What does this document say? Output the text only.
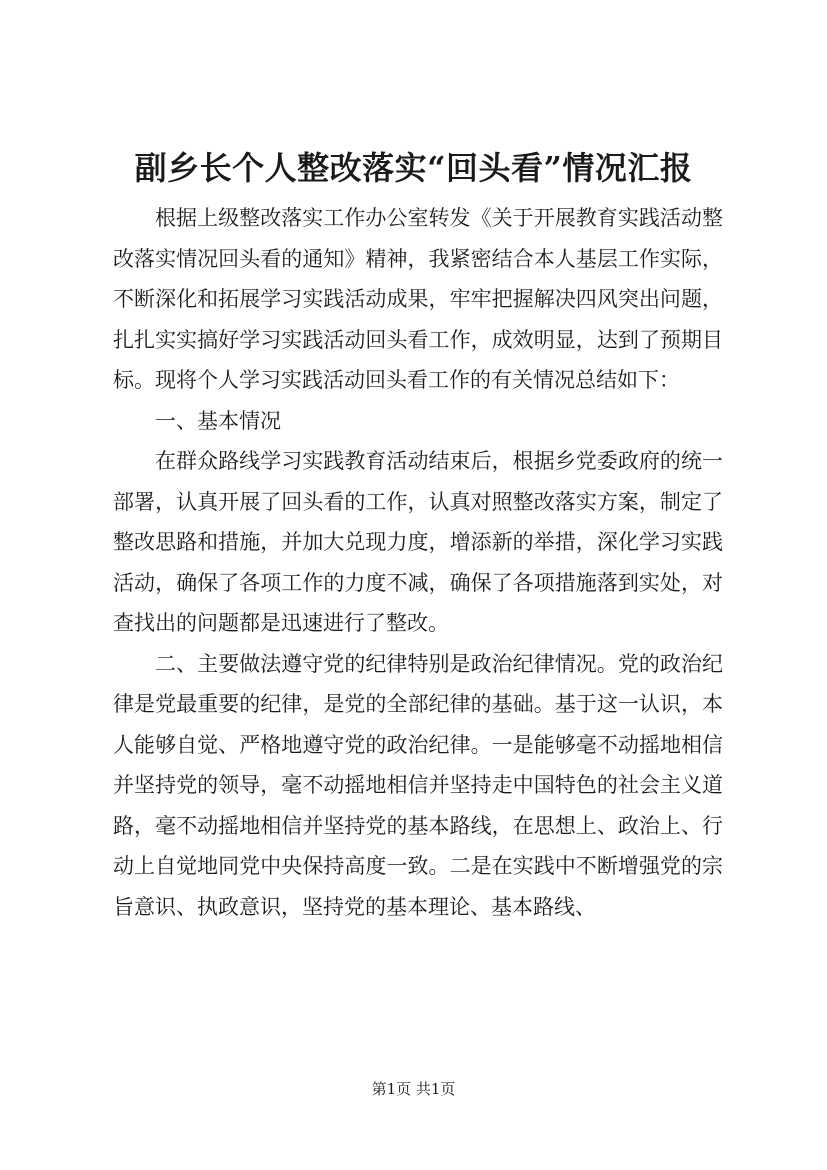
副乡长个人整改落实“回头看”情况汇报

根据上级整改落实工作办公室转发《关于开展教育实践活动整改落实情况回头看的通知》精神，我紧密结合本人基层工作实际，不断深化和拓展学习实践活动成果，牢牢把握解决四风突出问题，扎扎实实搞好学习实践活动回头看工作，成效明显，达到了预期目标。现将个人学习实践活动回头看工作的有关情况总结如下：

一、基本情况

在群众路线学习实践教育活动结束后，根据乡党委政府的统一部署，认真开展了回头看的工作，认真对照整改落实方案，制定了整改思路和措施，并加大兑现力度，增添新的举措，深化学习实践活动，确保了各项工作的力度不减，确保了各项措施落到实处，对查找出的问题都是迅速进行了整改。

二、主要做法遵守党的纪律特别是政治纪律情况。党的政治纪律是党最重要的纪律，是党的全部纪律的基础。基于这一认识，本人能够自觉、严格地遵守党的政治纪律。一是能够毫不动摇地相信并坚持党的领导，毫不动摇地相信并坚持走中国特色的社会主义道路，毫不动摇地相信并坚持党的基本路线，在思想上、政治上、行动上自觉地同党中央保持高度一致。二是在实践中不断增强党的宗旨意识、执政意识，坚持党的基本理论、基本路线、

第1页 共1页
